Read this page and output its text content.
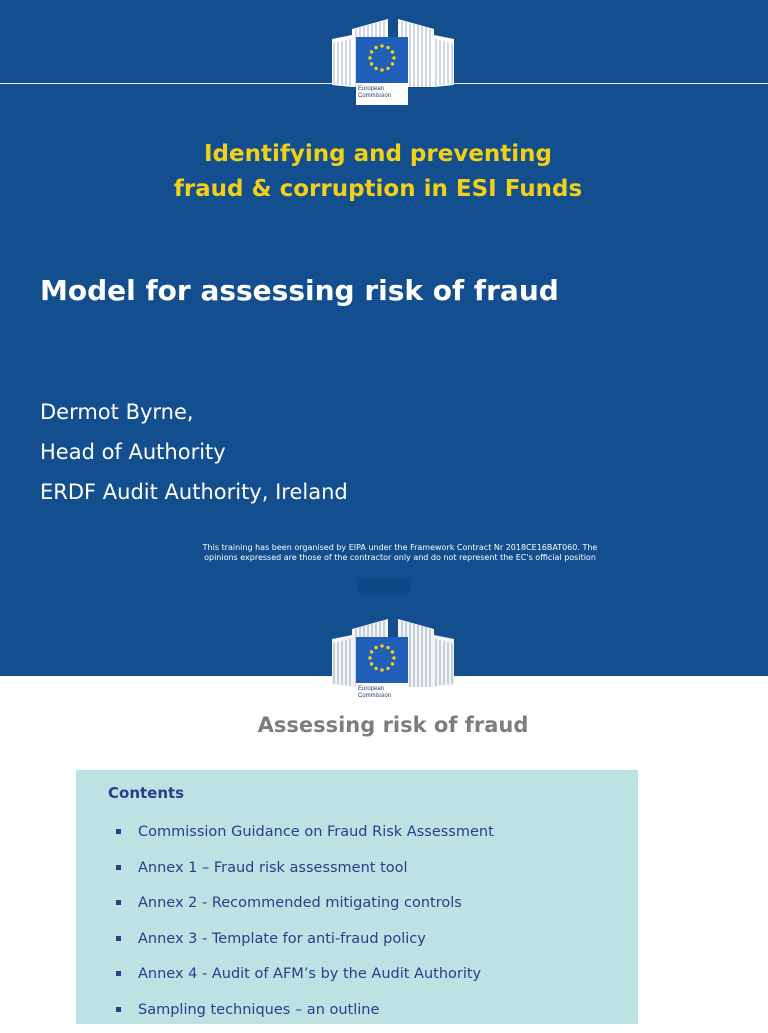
European
Commission
Identifying and preventing
fraud & corruption in ESI Funds
Model for assessing risk of fraud
Dermot Byrne,
Head of Authority
ERDF Audit Authority, Ireland
This training has been organised by EIPA under the Framework Contract Nr 2018CE16BAT060. The
opinions expressed are those of the contractor only and do not represent the EC's official position
European
Commission
Assessing risk of fraud
Contents
Commission Guidance on Fraud Risk Assessment
Annex 1 – Fraud risk assessment tool
Annex 2 - Recommended mitigating controls
Annex 3 - Template for anti-fraud policy
Annex 4 - Audit of AFM’s by the Audit Authority
Sampling techniques – an outline
